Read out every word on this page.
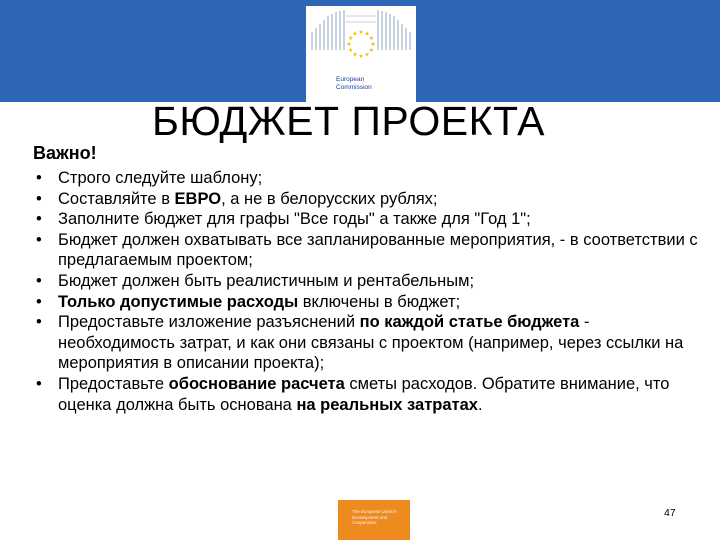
European
Commission
БЮДЖЕТ ПРОЕКТА
Важно!
• Строго следуйте шаблону;
• Составляйте в ЕВРО, а не в белорусских рублях;
• Заполните бюджет для графы "Все годы" а также для "Год 1";
• Бюджет должен охватывать все запланированные мероприятия, - в соответствии с предлагаемым проектом;
• Бюджет должен быть реалистичным и рентабельным;
• Только допустимые расходы включены в бюджет;
• Предоставьте изложение разъяснений по каждой статье бюджета - необходимость затрат, и как они связаны с проектом (например, через ссылки на мероприятия в описании проекта);
• Предоставьте обоснование расчета сметы расходов. Обратите внимание, что оценка должна быть основана на реальных затратах.
47
The European Union's
Development and
Cooperation
